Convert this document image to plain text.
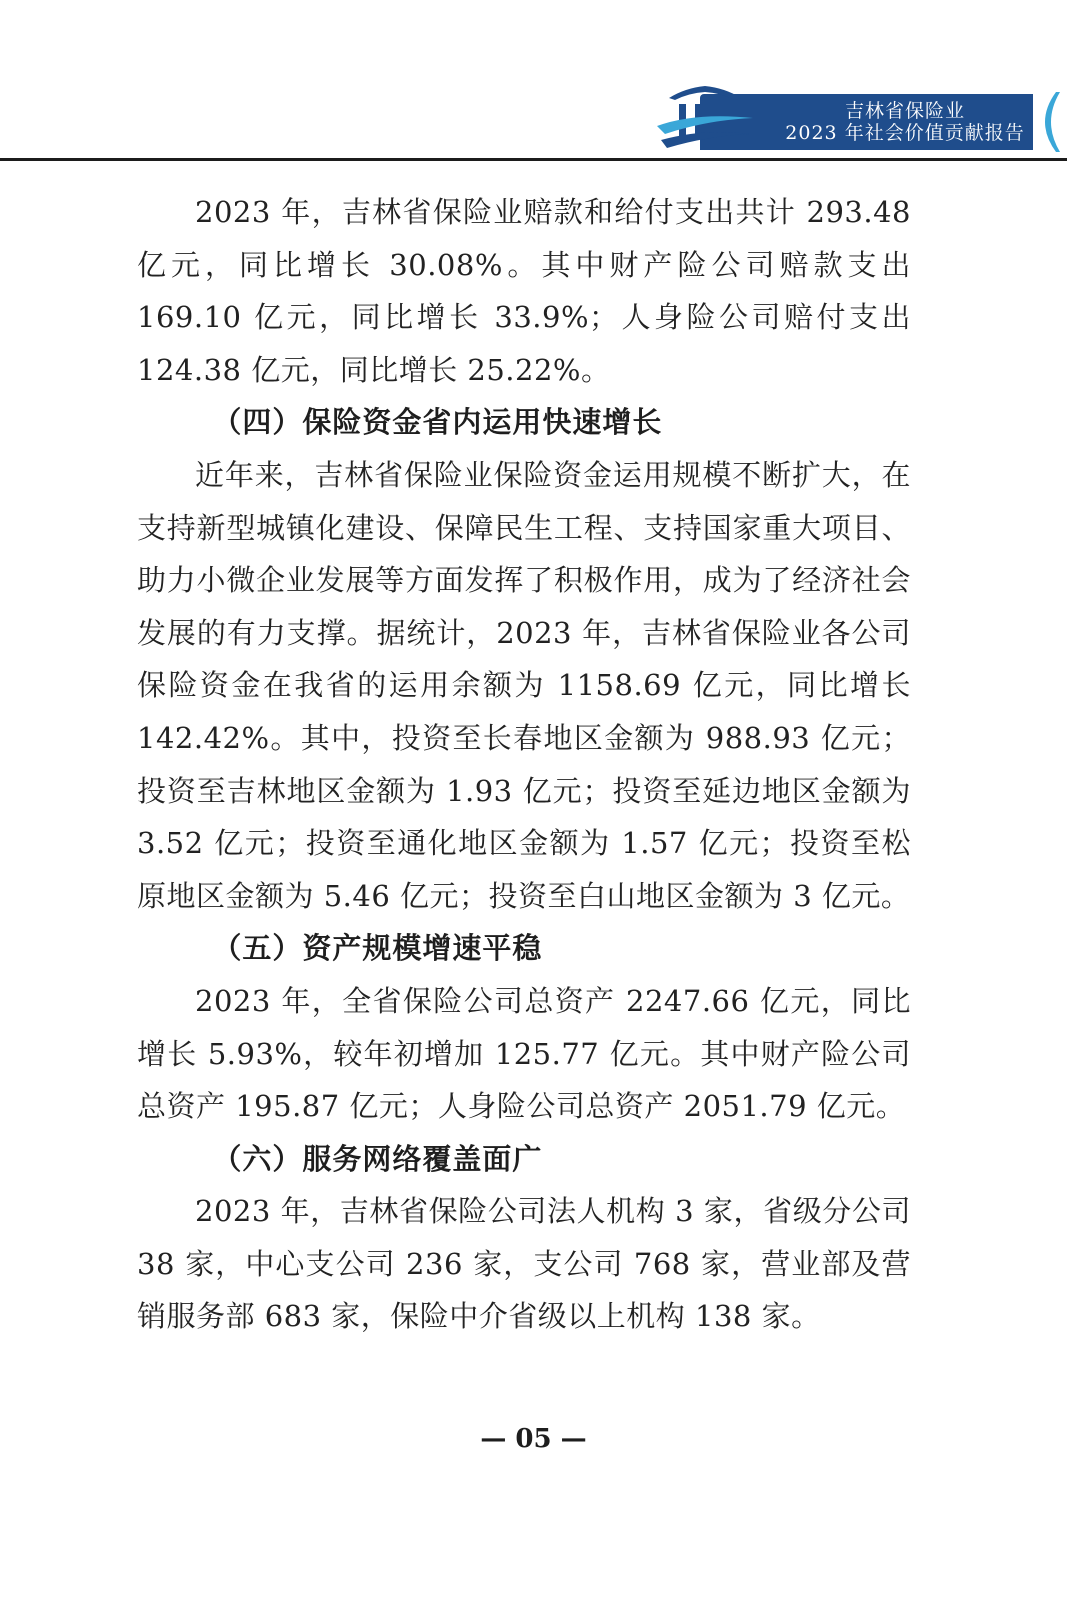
吉林省保险业
2023 年社会价值贡献报告

2023 年，吉林省保险业赔款和给付支出共计 293.48 亿元，同比增长 30.08%。其中财产险公司赔款支出 169.10 亿元，同比增长 33.9%；人身险公司赔付支出 124.38 亿元，同比增长 25.22%。

（四）保险资金省内运用快速增长

近年来，吉林省保险业保险资金运用规模不断扩大，在支持新型城镇化建设、保障民生工程、支持国家重大项目、助力小微企业发展等方面发挥了积极作用，成为了经济社会发展的有力支撑。据统计，2023 年，吉林省保险业各公司保险资金在我省的运用余额为 1158.69 亿元，同比增长 142.42%。其中，投资至长春地区金额为 988.93 亿元；投资至吉林地区金额为 1.93 亿元；投资至延边地区金额为 3.52 亿元；投资至通化地区金额为 1.57 亿元；投资至松原地区金额为 5.46 亿元；投资至白山地区金额为 3 亿元。

（五）资产规模增速平稳

2023 年，全省保险公司总资产 2247.66 亿元，同比增长 5.93%，较年初增加 125.77 亿元。其中财产险公司总资产 195.87 亿元；人身险公司总资产 2051.79 亿元。

（六）服务网络覆盖面广

2023 年，吉林省保险公司法人机构 3 家，省级分公司 38 家，中心支公司 236 家，支公司 768 家，营业部及营销服务部 683 家，保险中介省级以上机构 138 家。

— 05 —
